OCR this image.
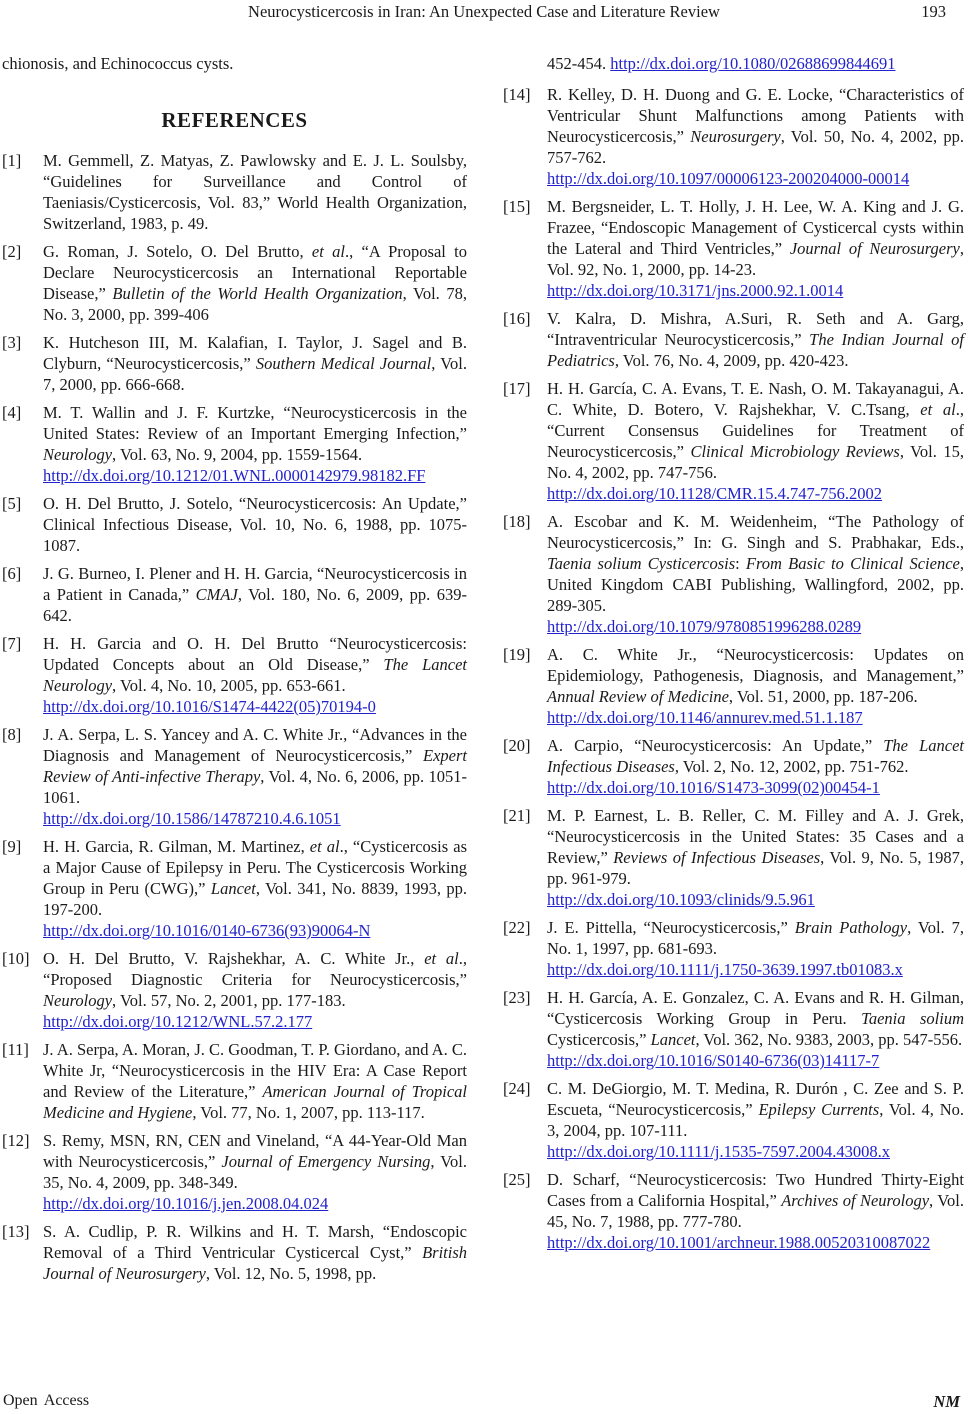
Neurocysticercosis in Iran: An Unexpected Case and Literature Review	193

chionosis, and Echinococcus cysts.

REFERENCES
[1] M. Gemmell, Z. Matyas, Z. Pawlowsky and E. J. L. Soulsby, “Guidelines for Surveillance and Control of Taeniasis/Cysticercosis, Vol. 83,” World Health Organization, Switzerland, 1983, p. 49.
[2] G. Roman, J. Sotelo, O. Del Brutto, et al., “A Proposal to Declare Neurocysticercosis an International Reportable Disease,” Bulletin of the World Health Organization, Vol. 78, No. 3, 2000, pp. 399-406
[3] K. Hutcheson III, M. Kalafian, I. Taylor, J. Sagel and B. Clyburn, “Neurocysticercosis,” Southern Medical Journal, Vol. 7, 2000, pp. 666-668.
[4] M. T. Wallin and J. F. Kurtzke, “Neurocysticercosis in the United States: Review of an Important Emerging Infection,” Neurology, Vol. 63, No. 9, 2004, pp. 1559-1564.
http://dx.doi.org/10.1212/01.WNL.0000142979.98182.FF
[5] O. H. Del Brutto, J. Sotelo, “Neurocysticercosis: An Update,” Clinical Infectious Disease, Vol. 10, No. 6, 1988, pp. 1075-1087.
[6] J. G. Burneo, I. Plener and H. H. Garcia, “Neurocysticercosis in a Patient in Canada,” CMAJ, Vol. 180, No. 6, 2009, pp. 639-642.
[7] H. H. Garcia and O. H. Del Brutto “Neurocysticercosis: Updated Concepts about an Old Disease,” The Lancet Neurology, Vol. 4, No. 10, 2005, pp. 653-661.
http://dx.doi.org/10.1016/S1474-4422(05)70194-0
[8] J. A. Serpa, L. S. Yancey and A. C. White Jr., “Advances in the Diagnosis and Management of Neurocysticercosis,” Expert Review of Anti-infective Therapy, Vol. 4, No. 6, 2006, pp. 1051-1061.
http://dx.doi.org/10.1586/14787210.4.6.1051
[9] H. H. Garcia, R. Gilman, M. Martinez, et al., “Cysticercosis as a Major Cause of Epilepsy in Peru. The Cysticercosis Working Group in Peru (CWG),” Lancet, Vol. 341, No. 8839, 1993, pp. 197-200.
http://dx.doi.org/10.1016/0140-6736(93)90064-N
[10] O. H. Del Brutto, V. Rajshekhar, A. C. White Jr., et al., “Proposed Diagnostic Criteria for Neurocysticercosis,” Neurology, Vol. 57, No. 2, 2001, pp. 177-183.
http://dx.doi.org/10.1212/WNL.57.2.177
[11] J. A. Serpa, A. Moran, J. C. Goodman, T. P. Giordano, and A. C. White Jr, “Neurocysticercosis in the HIV Era: A Case Report and Review of the Literature,” American Journal of Tropical Medicine and Hygiene, Vol. 77, No. 1, 2007, pp. 113-117.
[12] S. Remy, MSN, RN, CEN and Vineland, “A 44-Year-Old Man with Neurocysticercosis,” Journal of Emergency Nursing, Vol. 35, No. 4, 2009, pp. 348-349.
http://dx.doi.org/10.1016/j.jen.2008.04.024
[13] S. A. Cudlip, P. R. Wilkins and H. T. Marsh, “Endoscopic Removal of a Third Ventricular Cysticercal Cyst,” British Journal of Neurosurgery, Vol. 12, No. 5, 1998, pp.
452-454. http://dx.doi.org/10.1080/02688699844691
[14] R. Kelley, D. H. Duong and G. E. Locke, “Characteristics of Ventricular Shunt Malfunctions among Patients with Neurocysticercosis,” Neurosurgery, Vol. 50, No. 4, 2002, pp. 757-762.
http://dx.doi.org/10.1097/00006123-200204000-00014
[15] M. Bergsneider, L. T. Holly, J. H. Lee, W. A. King and J. G. Frazee, “Endoscopic Management of Cysticercal cysts within the Lateral and Third Ventricles,” Journal of Neurosurgery, Vol. 92, No. 1, 2000, pp. 14-23.
http://dx.doi.org/10.3171/jns.2000.92.1.0014
[16] V. Kalra, D. Mishra, A.Suri, R. Seth and A. Garg, “Intraventricular Neurocysticercosis,” The Indian Journal of Pediatrics, Vol. 76, No. 4, 2009, pp. 420-423.
[17] H. H. García, C. A. Evans, T. E. Nash, O. M. Takayanagui, A. C. White, D. Botero, V. Rajshekhar, V. C.Tsang, et al., “Current Consensus Guidelines for Treatment of Neurocysticercosis,” Clinical Microbiology Reviews, Vol. 15, No. 4, 2002, pp. 747-756.
http://dx.doi.org/10.1128/CMR.15.4.747-756.2002
[18] A. Escobar and K. M. Weidenheim, “The Pathology of Neurocysticercosis,” In: G. Singh and S. Prabhakar, Eds., Taenia solium Cysticercosis: From Basic to Clinical Science, United Kingdom CABI Publishing, Wallingford, 2002, pp. 289-305.
http://dx.doi.org/10.1079/9780851996288.0289
[19] A. C. White Jr., “Neurocysticercosis: Updates on Epidemiology, Pathogenesis, Diagnosis, and Management,” Annual Review of Medicine, Vol. 51, 2000, pp. 187-206.
http://dx.doi.org/10.1146/annurev.med.51.1.187
[20] A. Carpio, “Neurocysticercosis: An Update,” The Lancet Infectious Diseases, Vol. 2, No. 12, 2002, pp. 751-762.
http://dx.doi.org/10.1016/S1473-3099(02)00454-1
[21] M. P. Earnest, L. B. Reller, C. M. Filley and A. J. Grek, “Neurocysticercosis in the United States: 35 Cases and a Review,” Reviews of Infectious Diseases, Vol. 9, No. 5, 1987, pp. 961-979.
http://dx.doi.org/10.1093/clinids/9.5.961
[22] J. E. Pittella, “Neurocysticercosis,” Brain Pathology, Vol. 7, No. 1, 1997, pp. 681-693.
http://dx.doi.org/10.1111/j.1750-3639.1997.tb01083.x
[23] H. H. García, A. E. Gonzalez, C. A. Evans and R. H. Gilman, “Cysticercosis Working Group in Peru. Taenia solium Cysticercosis,” Lancet, Vol. 362, No. 9383, 2003, pp. 547-556.
http://dx.doi.org/10.1016/S0140-6736(03)14117-7
[24] C. M. DeGiorgio, M. T. Medina, R. Durón , C. Zee and S. P. Escueta, “Neurocysticercosis,” Epilepsy Currents, Vol. 4, No. 3, 2004, pp. 107-111.
http://dx.doi.org/10.1111/j.1535-7597.2004.43008.x
[25] D. Scharf, “Neurocysticercosis: Two Hundred Thirty-Eight Cases from a California Hospital,” Archives of Neurology, Vol. 45, No. 7, 1988, pp. 777-780.
http://dx.doi.org/10.1001/archneur.1988.00520310087022
Open Access	NM
